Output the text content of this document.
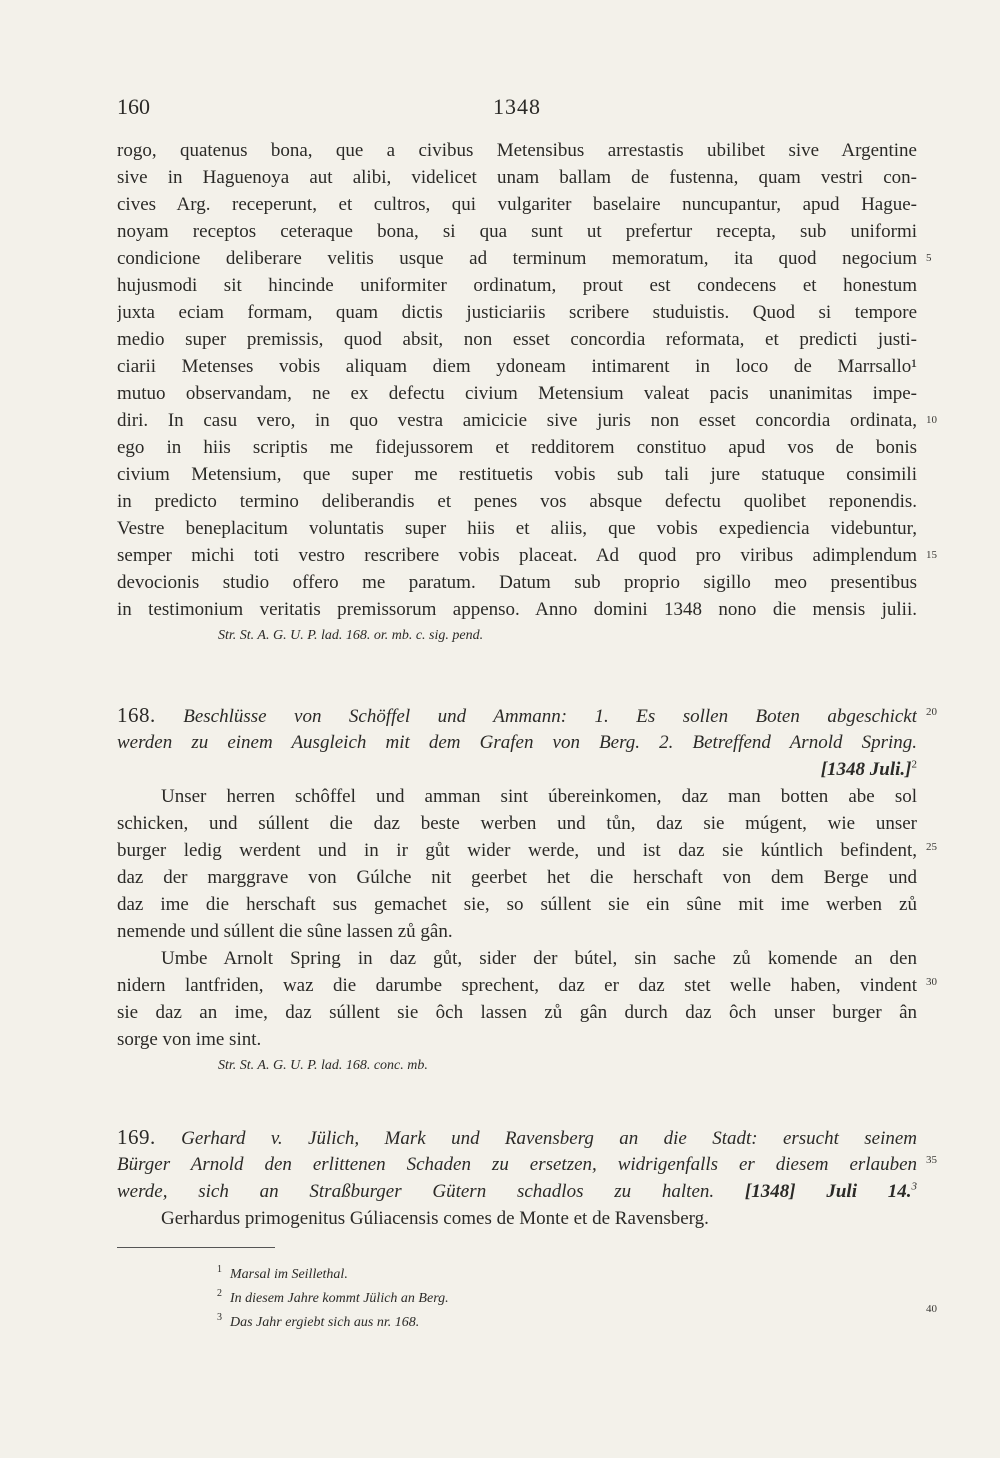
160	1348
rogo, quatenus bona, que a civibus Metensibus arrestastis ubilibet sive Argentine
sive in Haguenoya aut alibi, videlicet unam ballam de fustenna, quam vestri con-
cives Arg. receperunt, et cultros, qui vulgariter baselaire nuncupantur, apud Hague-
noyam receptos ceteraque bona, si qua sunt ut prefertur recepta, sub uniformi
condicione deliberare velitis usque ad terminum memoratum, ita quod negocium
hujusmodi sit hincinde uniformiter ordinatum, prout est condecens et honestum
juxta eciam formam, quam dictis justiciariis scribere studuistis. Quod si tempore
medio super premissis, quod absit, non esset concordia reformata, et predicti justi-
ciarii Metenses vobis aliquam diem ydoneam intimarent in loco de Marrsallo¹
mutuo observandam, ne ex defectu civium Metensium valeat pacis unanimitas impe-
diri. In casu vero, in quo vestra amicicie sive juris non esset concordia ordinata,
ego in hiis scriptis me fidejussorem et redditorem constituo apud vos de bonis
civium Metensium, que super me restituetis vobis sub tali jure statuque consimili
in predicto termino deliberandis et penes vos absque defectu quolibet reponendis.
Vestre beneplacitum voluntatis super hiis et aliis, que vobis expediencia videbuntur,
semper michi toti vestro rescribere vobis placeat. Ad quod pro viribus adimplendum
devocionis studio offero me paratum. Datum sub proprio sigillo meo presentibus
in testimonium veritatis premissorum appenso. Anno domini 1348 nono die mensis julii.
Str. St. A. G. U. P. lad. 168. or. mb. c. sig. pend.
168. Beschlüsse von Schöffel und Ammann: 1. Es sollen Boten abgeschickt
werden zu einem Ausgleich mit dem Grafen von Berg. 2. Betreffend Arnold Spring.
[1348 Juli.]$^2$
Unser herren schôffel und amman sint úbereinkomen, daz man botten abe sol
schicken, und súllent die daz beste werben und tůn, daz sie múgent, wie unser
burger ledig werdent und in ir gůt wider werde, und ist daz sie kúntlich befindent,
daz der marggrave von Gúlche nit geerbet het die herschaft von dem Berge und
daz ime die herschaft sus gemachet sie, so súllent sie ein sûne mit ime werben zů
nemende und súllent die sûne lassen zů gân.
Umbe Arnolt Spring in daz gůt, sider der bútel, sin sache zů komende an den
nidern lantfriden, waz die darumbe sprechent, daz er daz stet welle haben, vindent
sie daz an ime, daz súllent sie ôch lassen zů gân durch daz ôch unser burger ân
sorge von ime sint.
Str. St. A. G. U. P. lad. 168. conc. mb.
169. Gerhard v. Jülich, Mark und Ravensberg an die Stadt: ersucht seinem
Bürger Arnold den erlittenen Schaden zu ersetzen, widrigenfalls er diesem erlauben
werde, sich an Straßburger Gütern schadlos zu halten. [1348] Juli 14.$^3$
Gerhardus primogenitus Gúliacensis comes de Monte et de Ravensberg.
5
10
15
20
25
30
35
40
$^1$ Marsal im Seillethal.
$^2$ In diesem Jahre kommt Jülich an Berg.
$^3$ Das Jahr ergiebt sich aus nr. 168.
